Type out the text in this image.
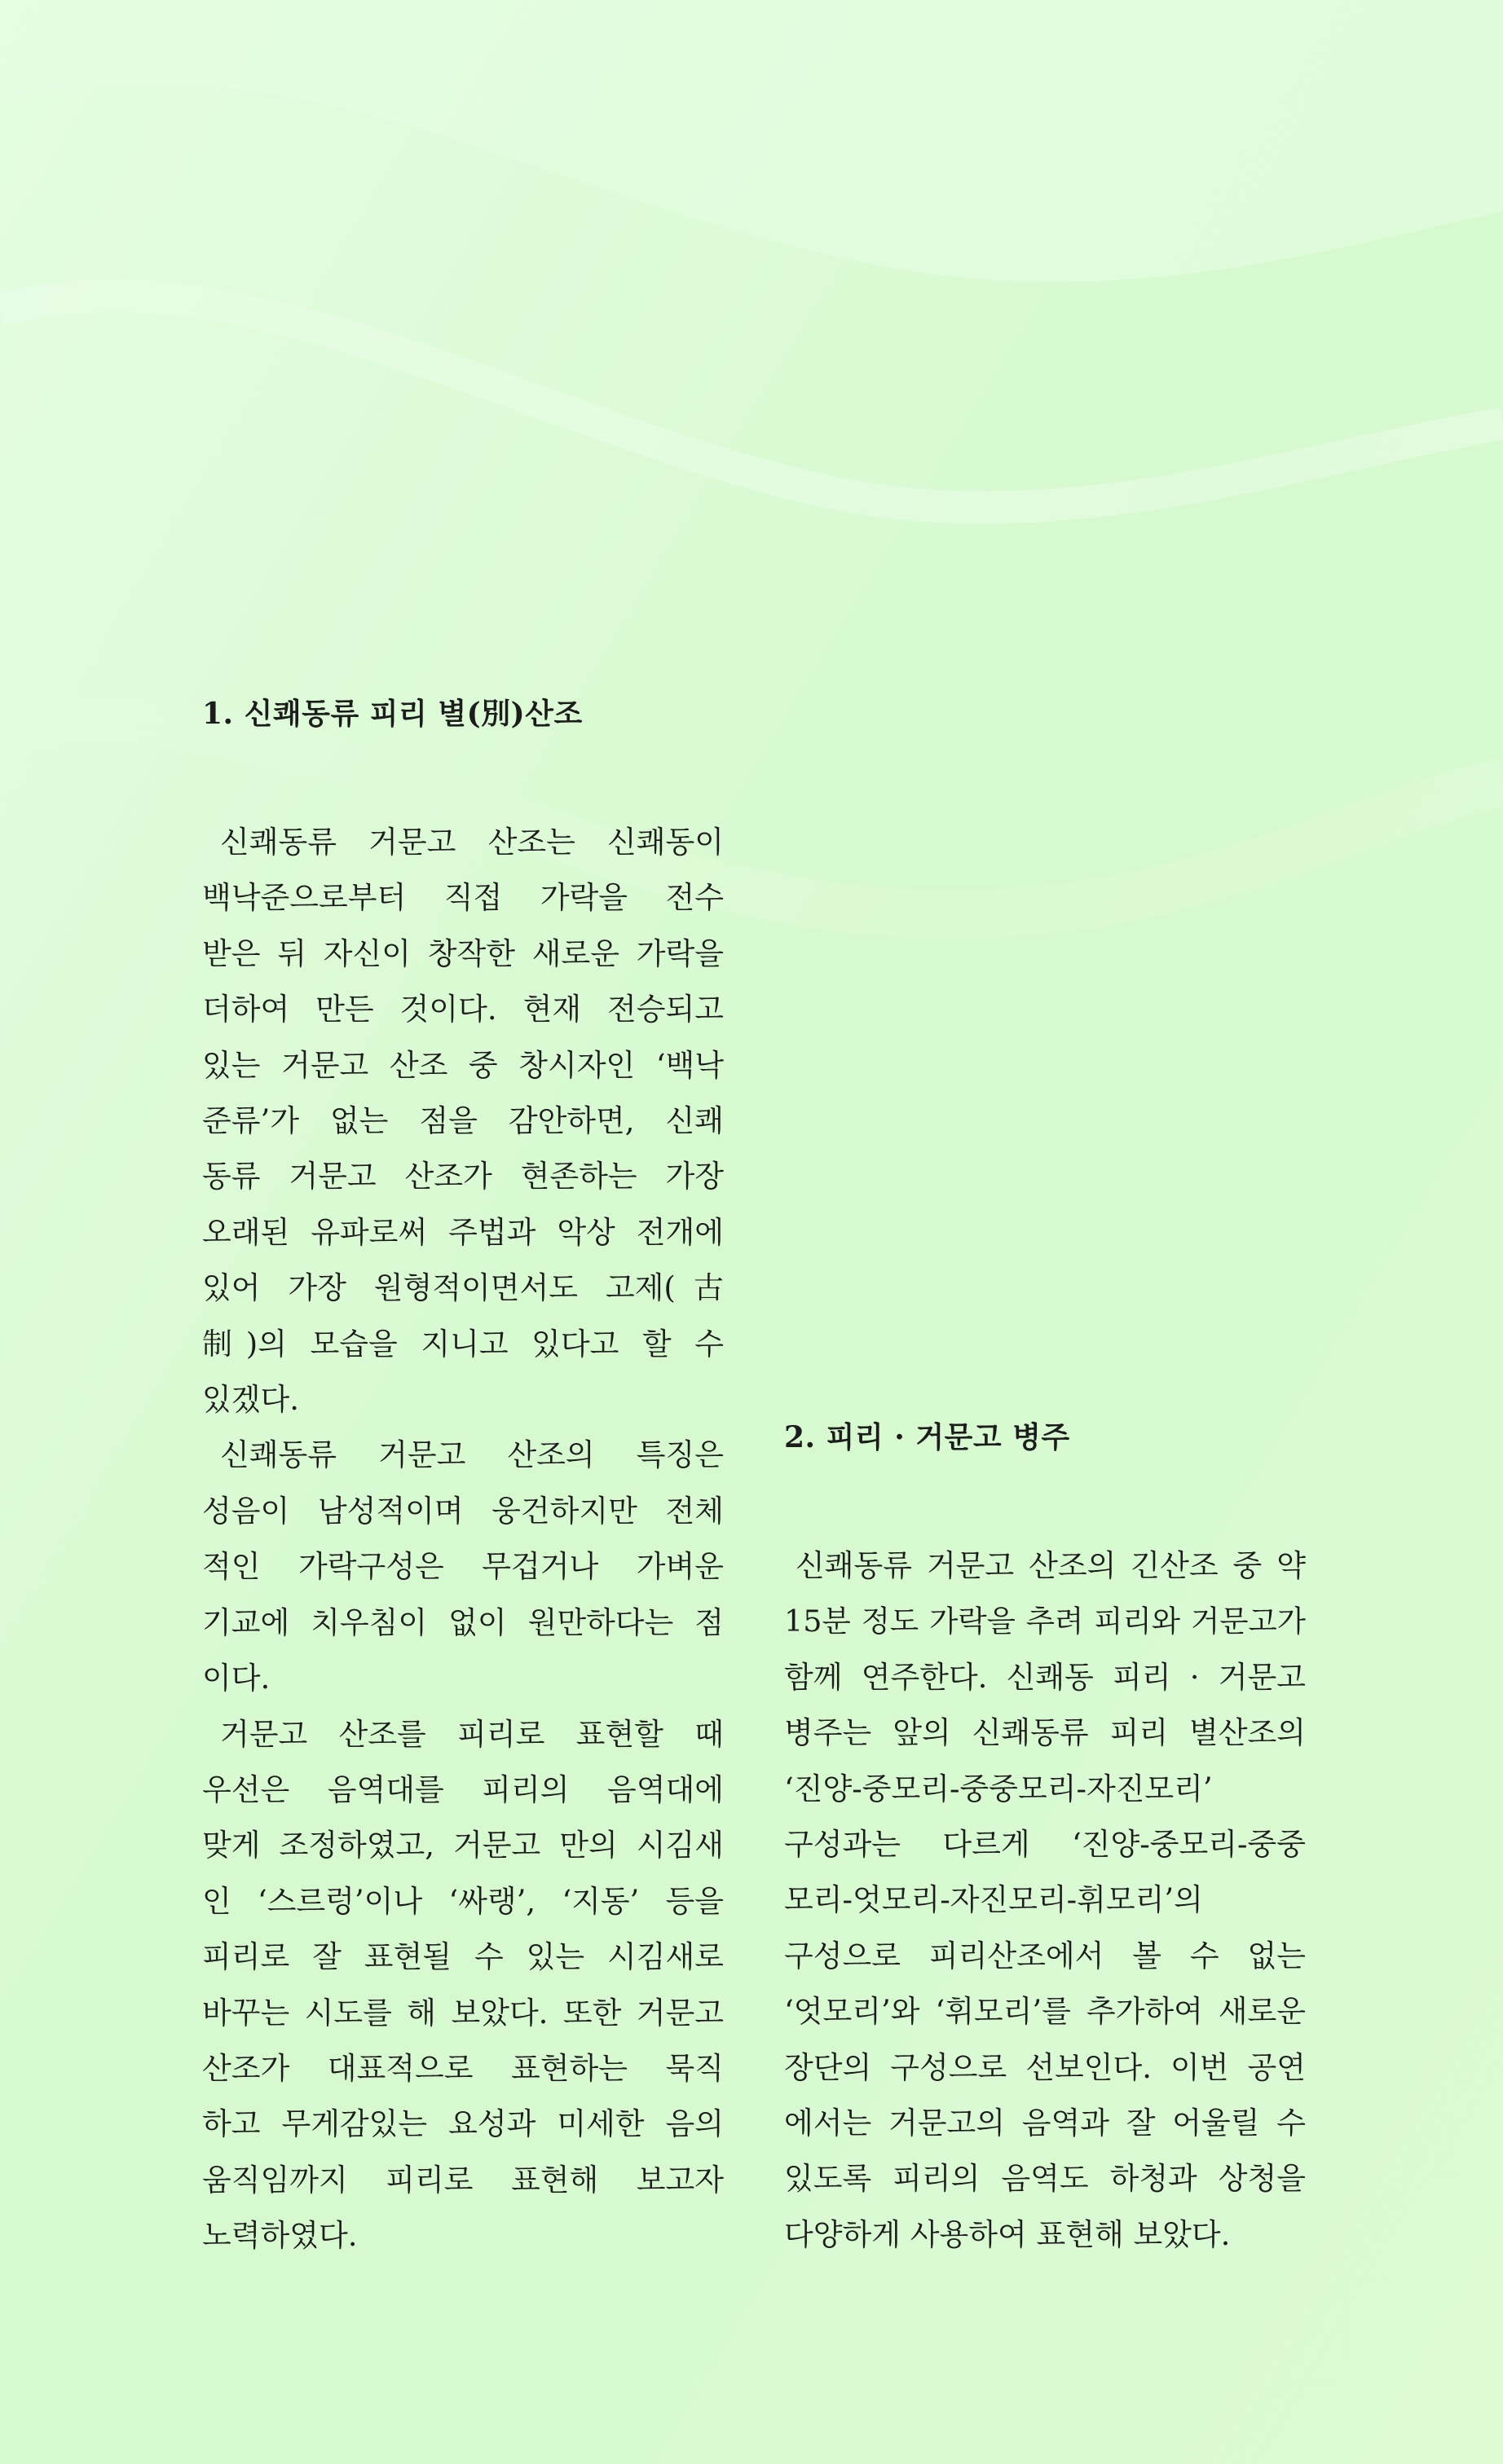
1. 신쾌동류 피리 별(別)산조
신쾌동류 거문고 산조는 신쾌동이
백낙준으로부터 직접 가락을 전수
받은 뒤 자신이 창작한 새로운 가락을
더하여 만든 것이다. 현재 전승되고
있는 거문고 산조 중 창시자인 ‘백낙
준류’가 없는 점을 감안하면, 신쾌
동류 거문고 산조가 현존하는 가장
오래된 유파로써 주법과 악상 전개에
있어 가장 원형적이면서도 고제(古
制)의 모습을 지니고 있다고 할 수
있겠다.
신쾌동류 거문고 산조의 특징은
성음이 남성적이며 웅건하지만 전체
적인 가락구성은 무겁거나 가벼운
기교에 치우침이 없이 원만하다는 점
이다.
거문고 산조를 피리로 표현할 때
우선은 음역대를 피리의 음역대에
맞게 조정하였고, 거문고 만의 시김새
인 ‘스르렁’이나 ‘싸랭’, ‘지동’ 등을
피리로 잘 표현될 수 있는 시김새로
바꾸는 시도를 해 보았다. 또한 거문고
산조가 대표적으로 표현하는 묵직
하고 무게감있는 요성과 미세한 음의
움직임까지 피리로 표현해 보고자
노력하였다.
2. 피리 · 거문고 병주
신쾌동류 거문고 산조의 긴산조 중 약
15분 정도 가락을 추려 피리와 거문고가
함께 연주한다. 신쾌동 피리 · 거문고
병주는 앞의 신쾌동류 피리 별산조의
‘진양-중모리-중중모리-자진모리’
구성과는 다르게 ‘진양-중모리-중중
모리-엇모리-자진모리-휘모리’의
구성으로 피리산조에서 볼 수 없는
‘엇모리’와 ‘휘모리’를 추가하여 새로운
장단의 구성으로 선보인다. 이번 공연
에서는 거문고의 음역과 잘 어울릴 수
있도록 피리의 음역도 하청과 상청을
다양하게 사용하여 표현해 보았다.
